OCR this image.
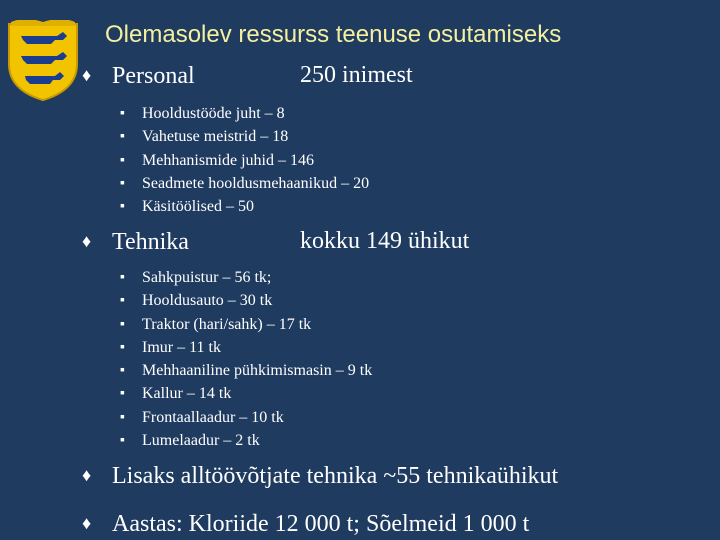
Olemasolev ressurss teenuse osutamiseks
♦ Personal	250 inimest
▪ Hooldustööde juht – 8
▪ Vahetuse meistrid – 18
▪ Mehhanismide juhid – 146
▪ Seadmete hooldusmehaanikud – 20
▪ Käsitöölised – 50
♦ Tehnika	kokku 149 ühikut
▪ Sahkpuistur – 56 tk;
▪ Hooldusauto – 30 tk
▪ Traktor (hari/sahk) – 17 tk
▪ Imur – 11 tk
▪ Mehhaaniline pühkimismasin – 9 tk
▪ Kallur – 14 tk
▪ Frontaallaadur – 10 tk
▪ Lumelaadur – 2 tk
♦ Lisaks alltöövõtjate tehnika ~55 tehnikaühikut
♦ Aastas: Kloriide 12 000 t; Sõelmeid 1 000 t
